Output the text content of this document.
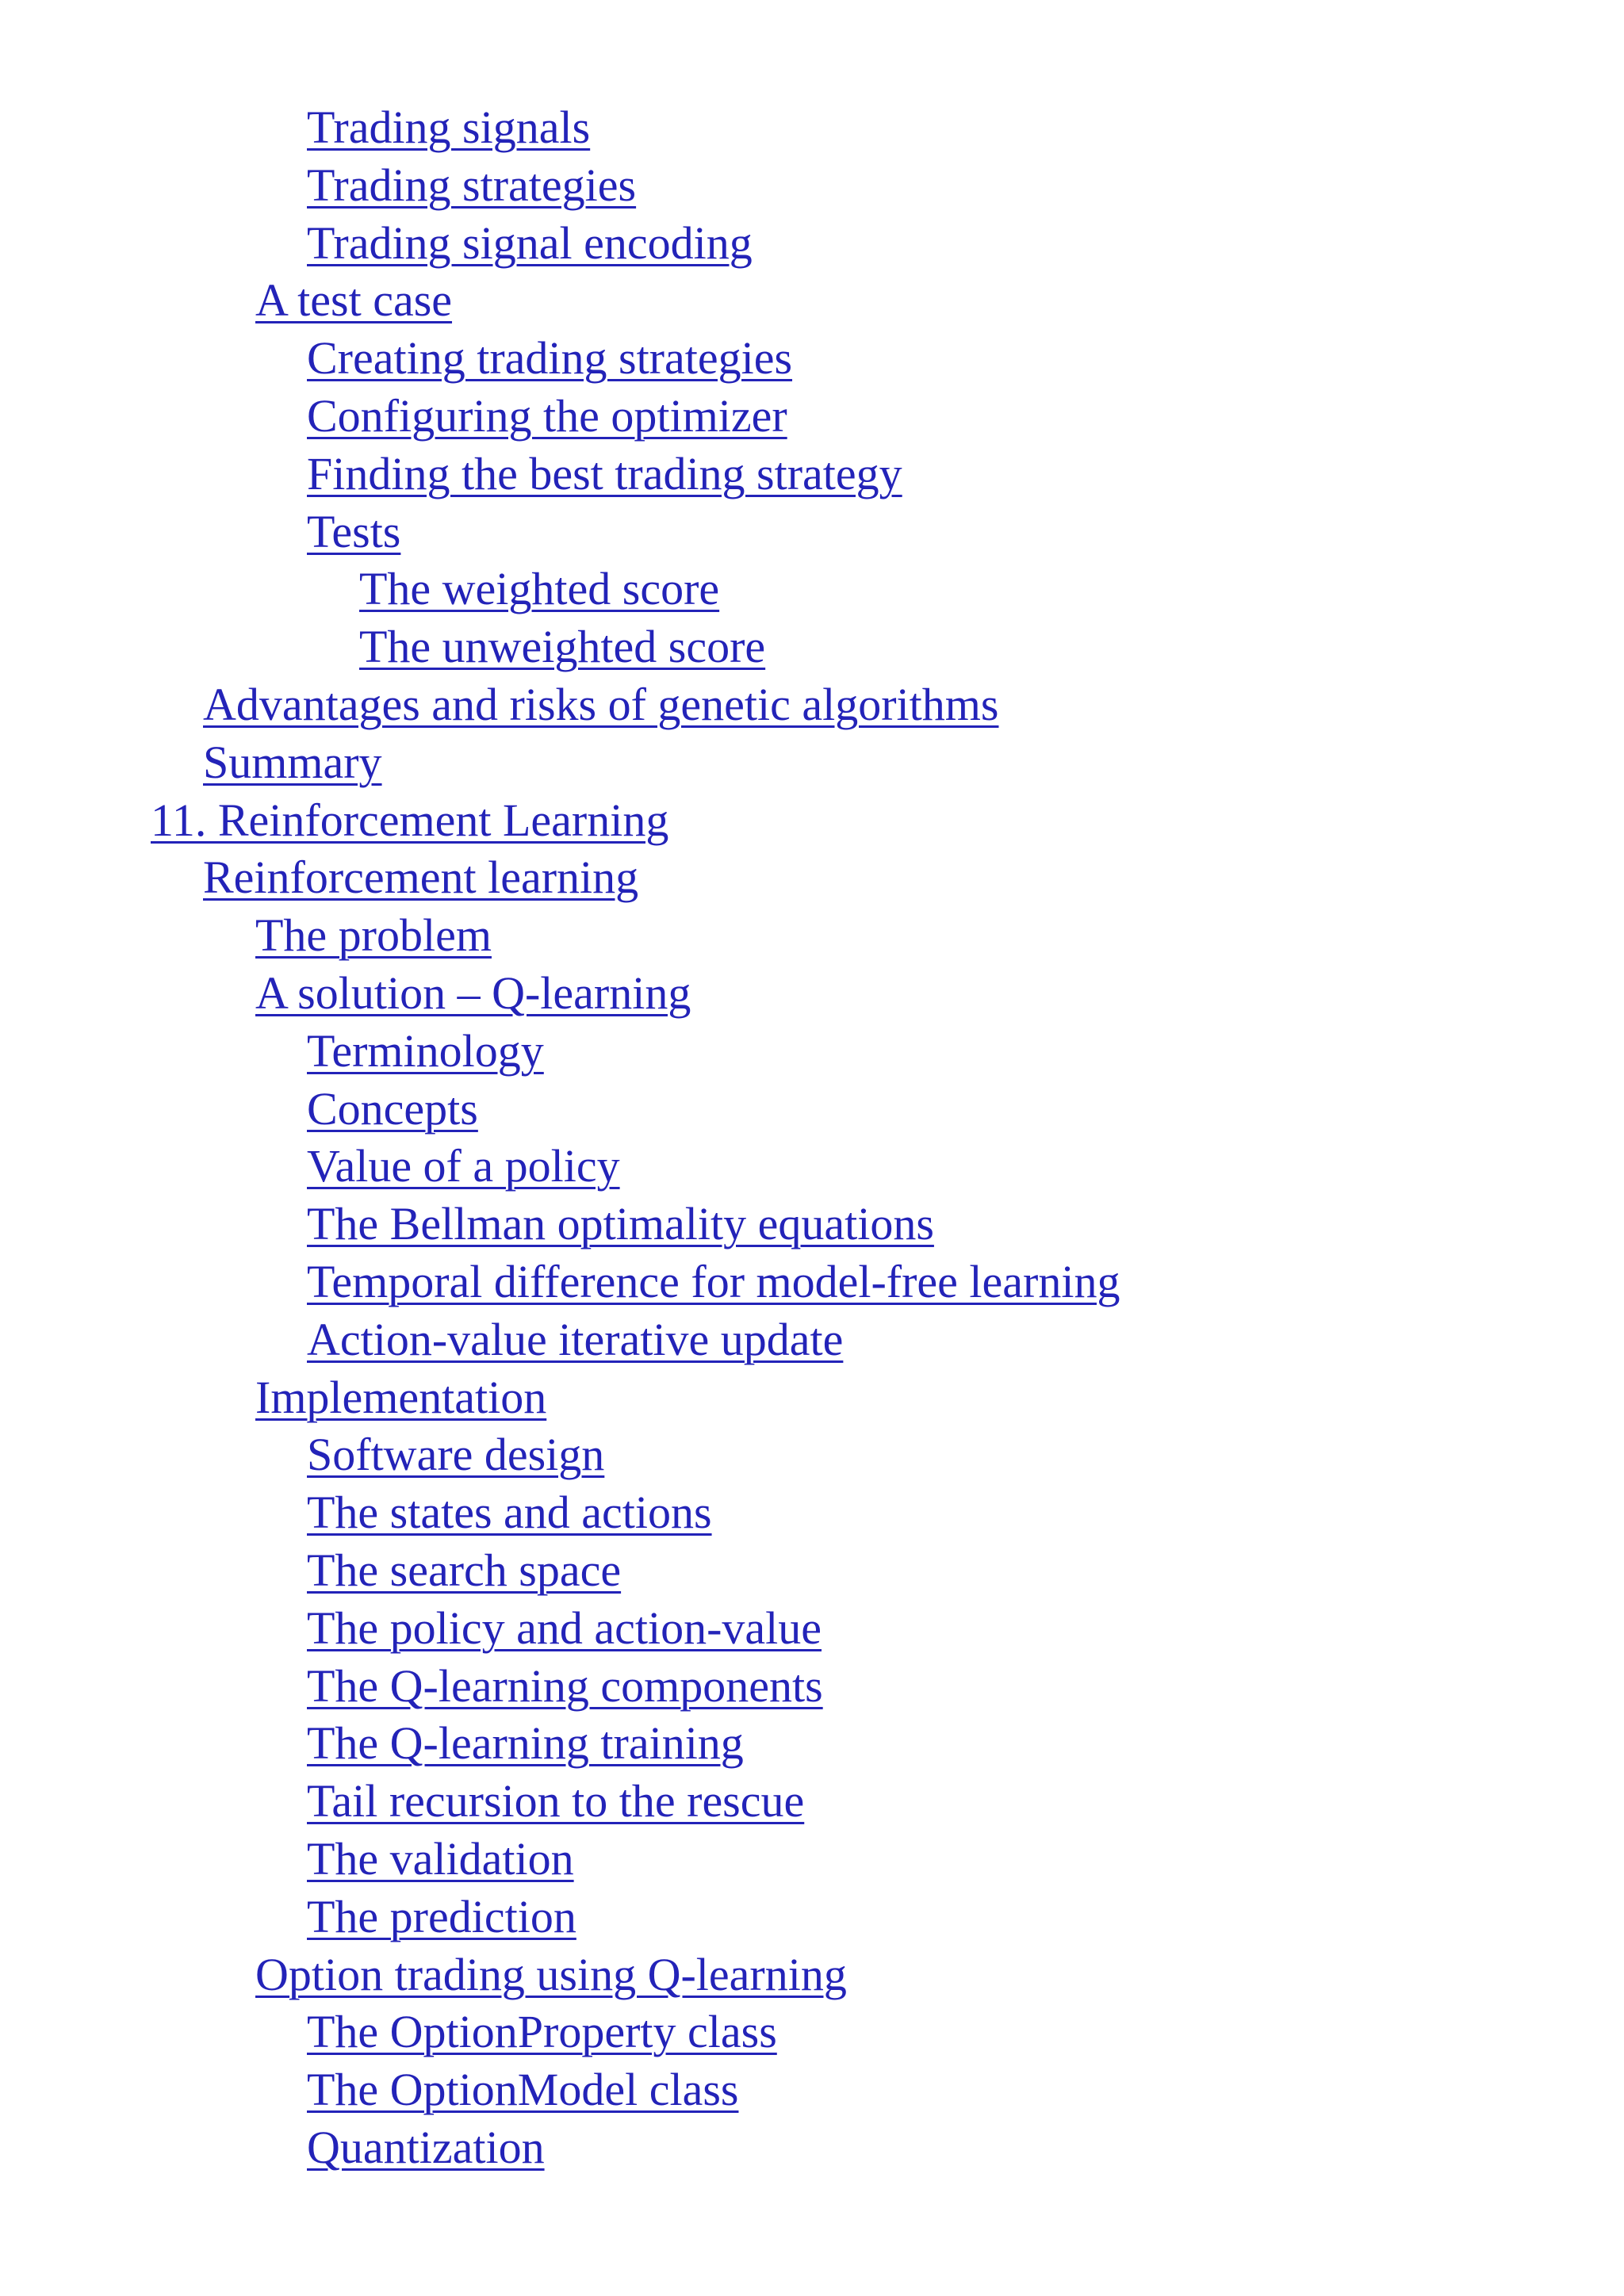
Trading signals
Trading strategies
Trading signal encoding
A test case
Creating trading strategies
Configuring the optimizer
Finding the best trading strategy
Tests
The weighted score
The unweighted score
Advantages and risks of genetic algorithms
Summary
11. Reinforcement Learning
Reinforcement learning
The problem
A solution – Q-learning
Terminology
Concepts
Value of a policy
The Bellman optimality equations
Temporal difference for model-free learning
Action-value iterative update
Implementation
Software design
The states and actions
The search space
The policy and action-value
The Q-learning components
The Q-learning training
Tail recursion to the rescue
The validation
The prediction
Option trading using Q-learning
The OptionProperty class
The OptionModel class
Quantization
